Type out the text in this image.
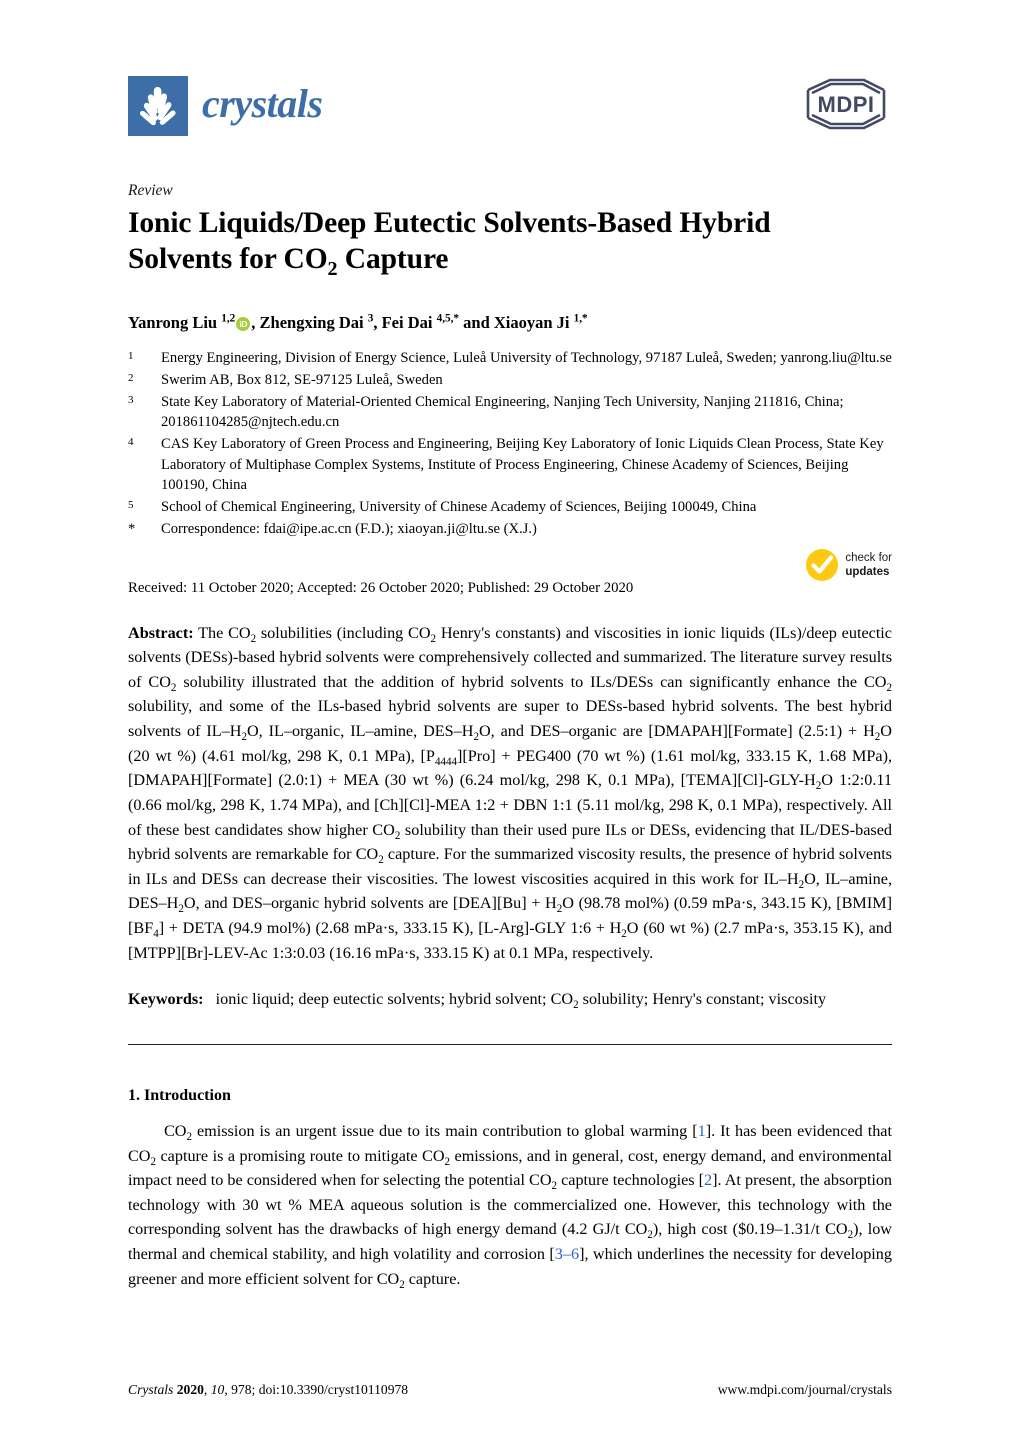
crystals	MDPI
Review
Ionic Liquids/Deep Eutectic Solvents-Based Hybrid
Solvents for $CO_2$ Capture
Yanrong Liu $^{1,2}$ iD , Zhengxing Dai $^3$, Fei Dai $^{4,5,*}$ and Xiaoyan Ji $^{1,*}$
1	Energy Engineering, Division of Energy Science, Luleå University of Technology, 97187 Luleå, Sweden; yanrong.liu@ltu.se
2	Swerim AB, Box 812, SE-97125 Luleå, Sweden
3	State Key Laboratory of Material-Oriented Chemical Engineering, Nanjing Tech University, Nanjing 211816, China; 201861104285@njtech.edu.cn
4	CAS Key Laboratory of Green Process and Engineering, Beijing Key Laboratory of Ionic Liquids Clean Process, State Key Laboratory of Multiphase Complex Systems, Institute of Process Engineering, Chinese Academy of Sciences, Beijing 100190, China
5	School of Chemical Engineering, University of Chinese Academy of Sciences, Beijing 100049, China
*	Correspondence: fdai@ipe.ac.cn (F.D.); xiaoyan.ji@ltu.se (X.J.)
Received: 11 October 2020; Accepted: 26 October 2020; Published: 29 October 2020
check for
updates
Abstract: The $CO_2$ solubilities (including $CO_2$ Henry's constants) and viscosities in ionic liquids (ILs)/deep eutectic solvents (DESs)-based hybrid solvents were comprehensively collected and summarized. The literature survey results of $CO_2$ solubility illustrated that the addition of hybrid solvents to ILs/DESs can significantly enhance the $CO_2$ solubility, and some of the ILs-based hybrid solvents are super to DESs-based hybrid solvents. The best hybrid solvents of $IL-H_2O$, IL–organic, IL–amine, DES–$H_2O$, and DES–organic are [DMAPAH][Formate] (2.5:1) + $H_2O$ (20 wt %) (4.61 mol/kg, 298 K, 0.1 MPa), $[P_{4444}][Pro] + PEG400$ (70 wt %) (1.61 mol/kg, 333.15 K, 1.68 MPa), [DMAPAH][Formate] (2.0:1) + MEA (30 wt %) (6.24 mol/kg, 298 K, 0.1 MPa), $[TEMA][Cl]-GLY-H_2O$ 1:2:0.11 (0.66 mol/kg, 298 K, 1.74 MPa), and [Ch][Cl]-MEA 1:2 + DBN 1:1 (5.11 mol/kg, 298 K, 0.1 MPa), respectively. All of these best candidates show higher $CO_2$ solubility than their used pure ILs or DESs, evidencing that IL/DES-based hybrid solvents are remarkable for $CO_2$ capture. For the summarized viscosity results, the presence of hybrid solvents in ILs and DESs can decrease their viscosities. The lowest viscosities acquired in this work for $IL-H_2O$, IL–amine, DES–$H_2O$, and DES–organic hybrid solvents are $[DEA][Bu] + H_2O$ (98.78 mol%) (0.59 mPa·s, 343.15 K), $[BMIM][BF_4]$ + DETA (94.9 mol%) (2.68 mPa·s, 333.15 K), [L-Arg]-GLY 1:6 + $H_2O$ (60 wt %) (2.7 mPa·s, 353.15 K), and [MTPP][Br]-LEV-Ac 1:3:0.03 (16.16 mPa·s, 333.15 K) at 0.1 MPa, respectively.
Keywords:   ionic liquid; deep eutectic solvents; hybrid solvent; $CO_2$ solubility; Henry's constant; viscosity
1. Introduction

$CO_2$ emission is an urgent issue due to its main contribution to global warming [1]. It has been evidenced that $CO_2$ capture is a promising route to mitigate $CO_2$ emissions, and in general, cost, energy demand, and environmental impact need to be considered when for selecting the potential $CO_2$ capture technologies [2]. At present, the absorption technology with 30 wt % MEA aqueous solution is the commercialized one. However, this technology with the corresponding solvent has the drawbacks of high energy demand (4.2 GJ/t $CO_2$), high cost ($0.19–1.31/t $CO_2$), low thermal and chemical stability, and high volatility and corrosion [3–6], which underlines the necessity for developing greener and more efficient solvent for $CO_2$ capture.

Crystals 2020, 10, 978; doi:10.3390/cryst10110978	www.mdpi.com/journal/crystals
